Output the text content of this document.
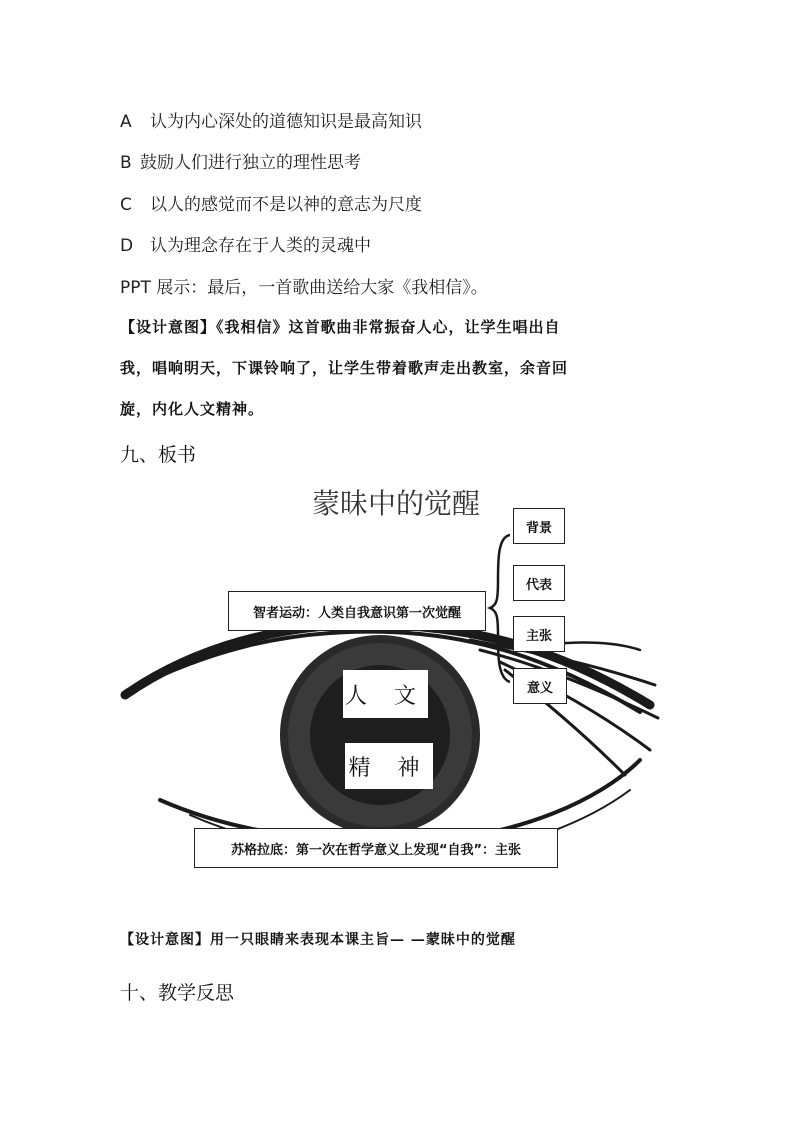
A 认为内心深处的道德知识是最高知识
B 鼓励人们进行独立的理性思考
C 以人的感觉而不是以神的意志为尺度
D 认为理念存在于人类的灵魂中
PPT 展示：最后，一首歌曲送给大家《我相信》。
【设计意图】《我相信》这首歌曲非常振奋人心，让学生唱出自
我，唱响明天，下课铃响了，让学生带着歌声走出教室，余音回
旋，内化人文精神。
九、板书
蒙昧中的觉醒
背景
代表
主张
意义
智者运动：人类自我意识第一次觉醒
人 文
精 神
苏格拉底：第一次在哲学意义上发现“自我”：主张
【设计意图】用一只眼睛来表现本课主旨— —蒙昧中的觉醒
十、教学反思
